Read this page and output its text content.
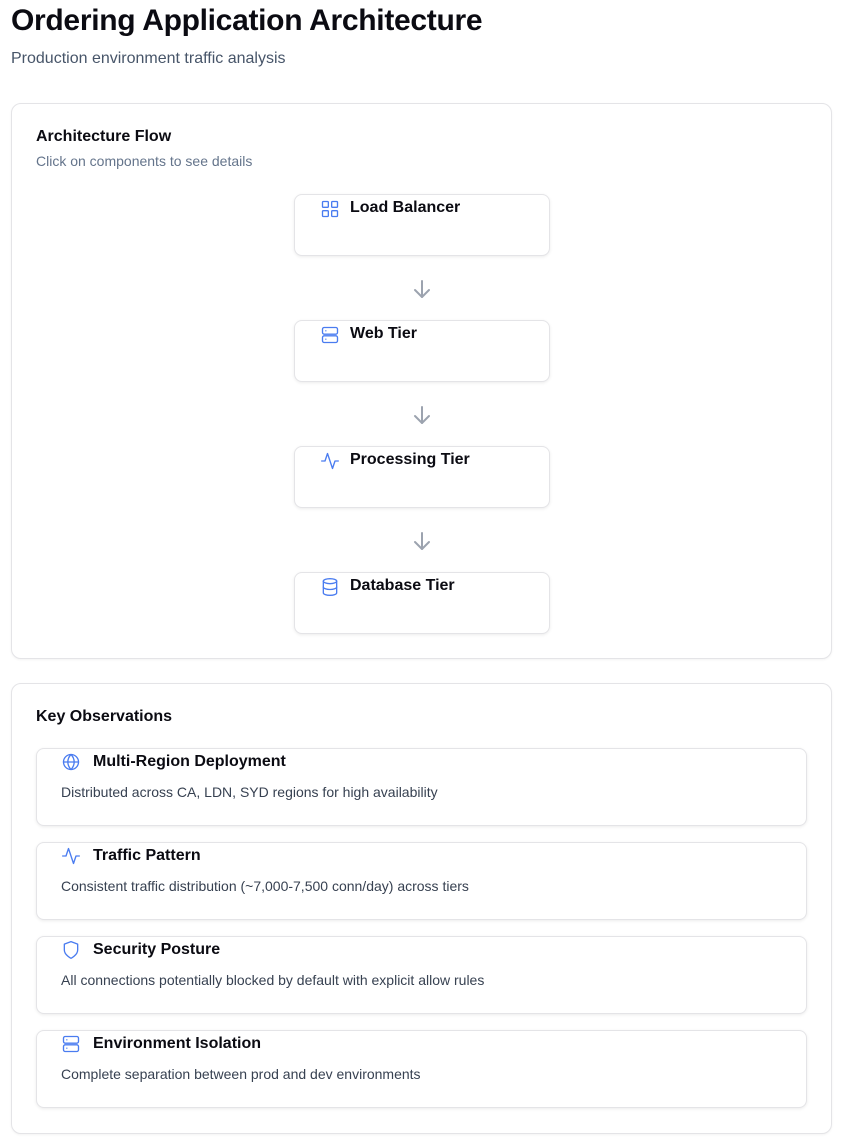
Ordering Application Architecture

Production environment traffic analysis

Architecture Flow

Click on components to see details

Load Balancer
Web Tier
Processing Tier
Database Tier
Key Observations
Multi-Region Deployment

Distributed across CA, LDN, SYD regions for high availability

Traffic Pattern

Consistent traffic distribution (~7,000-7,500 conn/day) across tiers

Security Posture

All connections potentially blocked by default with explicit allow rules

Environment Isolation

Complete separation between prod and dev environments
